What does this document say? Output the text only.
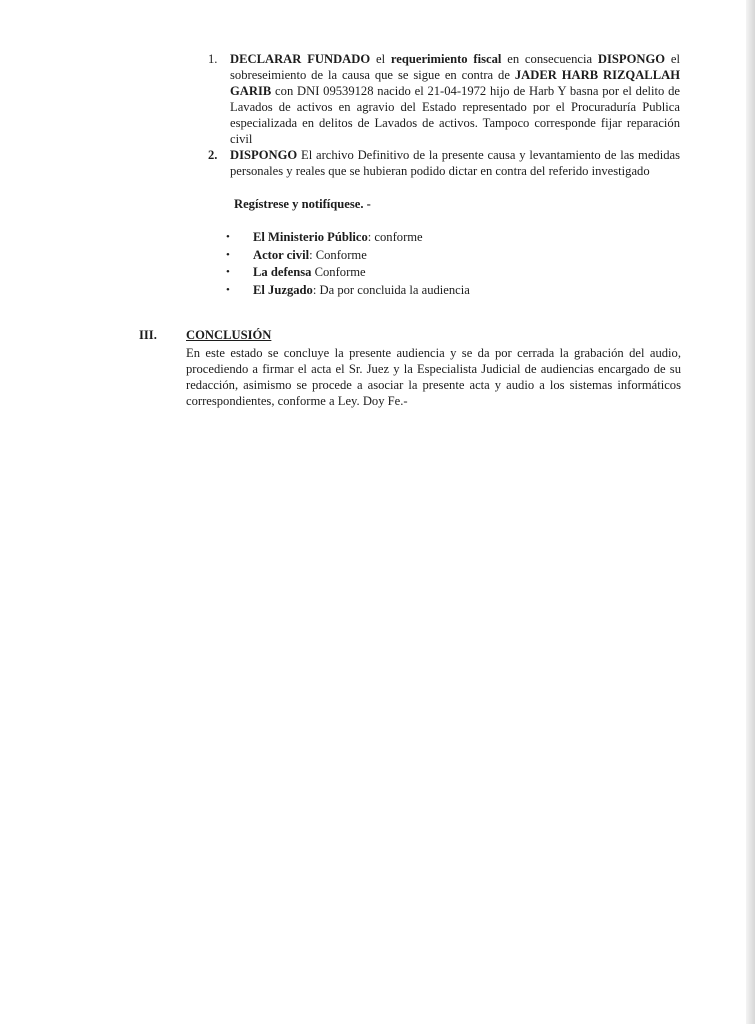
1. DECLARAR FUNDADO el requerimiento fiscal en consecuencia DISPONGO el sobreseimiento de la causa que se sigue en contra de JADER HARB RIZQALLAH GARIB con DNI 09539128 nacido el 21-04-1972 hijo de Harb Y basna por el delito de Lavados de activos en agravio del Estado representado por el Procuraduría Publica especializada en delitos de Lavados de activos. Tampoco corresponde fijar reparación civil
2. DISPONGO El archivo Definitivo de la presente causa y levantamiento de las medidas personales y reales que se hubieran podido dictar en contra del referido investigado
Regístrese y notifíquese. -
• El Ministerio Público: conforme
• Actor civil: Conforme
• La defensa Conforme
• El Juzgado: Da por concluida la audiencia
III. CONCLUSIÓN
En este estado se concluye la presente audiencia y se da por cerrada la grabación del audio, procediendo a firmar el acta el Sr. Juez y la Especialista Judicial de audiencias encargado de su redacción, asimismo se procede a asociar la presente acta y audio a los sistemas informáticos correspondientes, conforme a Ley. Doy Fe.-
